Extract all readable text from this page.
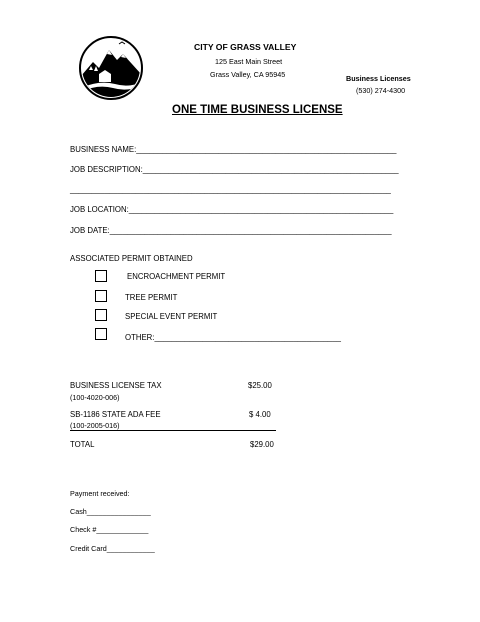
CITY OF GRASS VALLEY
125 East Main Street
Grass Valley, CA 95945	Business Licenses
(530) 274-4300
ONE TIME BUSINESS LICENSE
BUSINESS NAME:____________________________________________________________
JOB DESCRIPTION:___________________________________________________________
__________________________________________________________________________
JOB LOCATION:_____________________________________________________________
JOB DATE:_________________________________________________________________
ASSOCIATED PERMIT OBTAINED
ENCROACHMENT PERMIT
TREE PERMIT
SPECIAL EVENT PERMIT
OTHER:___________________________________________
BUSINESS LICENSE TAX	$25.00
(100-4020-006)
SB-1186 STATE ADA FEE	$ 4.00
(100-2005-016)
TOTAL	$29.00
Payment received:
Cash________________
Check #_____________
Credit Card____________
